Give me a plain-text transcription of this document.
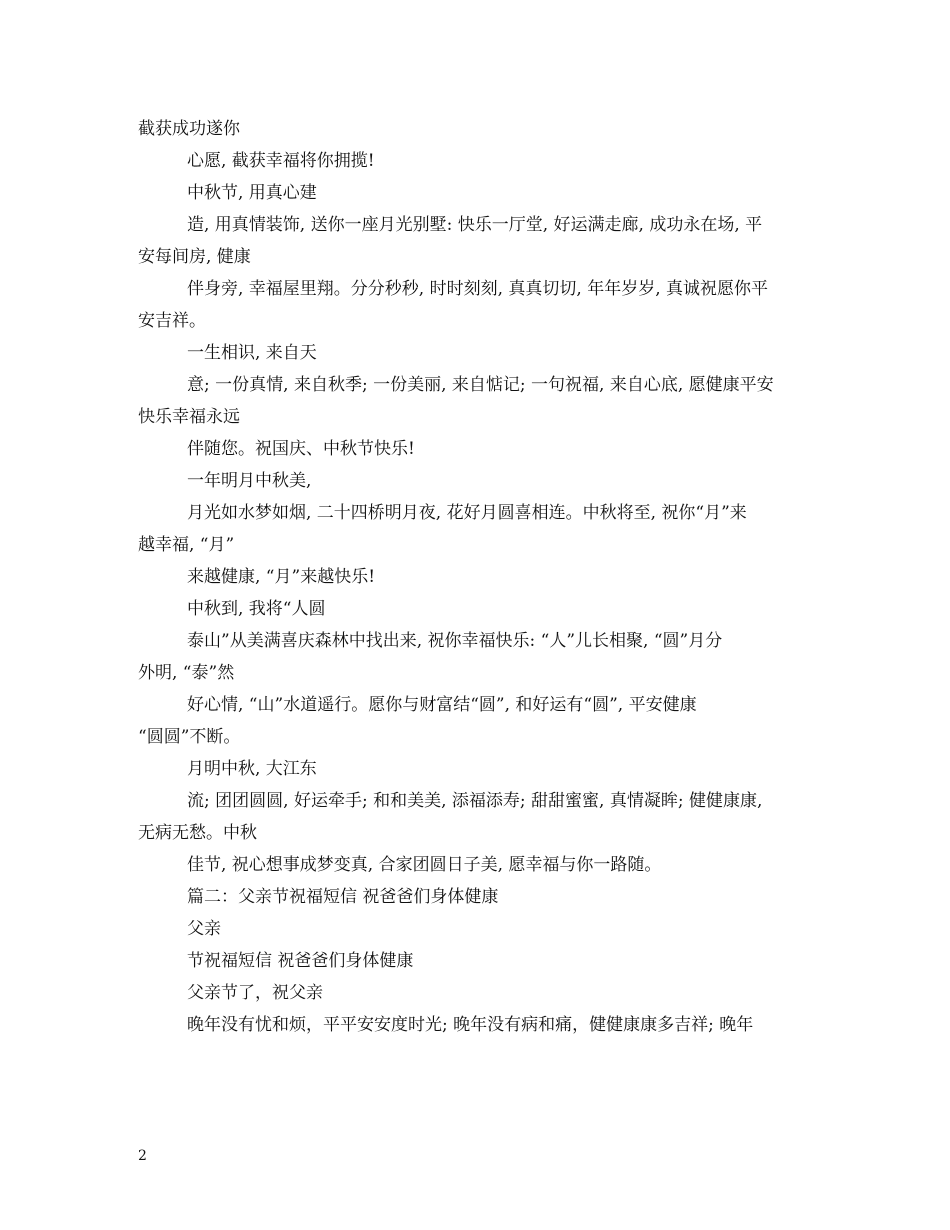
截获成功遂你
心愿, 截获幸福将你拥揽!
中秋节, 用真心建
造, 用真情装饰, 送你一座月光别墅: 快乐一厅堂, 好运满走廊, 成功永在场, 平
安每间房, 健康
伴身旁, 幸福屋里翔。分分秒秒, 时时刻刻, 真真切切, 年年岁岁, 真诚祝愿你平
安吉祥。
一生相识, 来自天
意; 一份真情, 来自秋季; 一份美丽, 来自惦记; 一句祝福, 来自心底, 愿健康平安
快乐幸福永远
伴随您。祝国庆、中秋节快乐!
一年明月中秋美,
月光如水梦如烟, 二十四桥明月夜, 花好月圆喜相连。中秋将至, 祝你“月”来
越幸福, “月”
来越健康, “月”来越快乐!
中秋到, 我将“人圆
泰山”从美满喜庆森林中找出来, 祝你幸福快乐: “人”儿长相聚, “圆”月分
外明, “泰”然
好心情, “山”水道遥行。愿你与财富结“圆”, 和好运有“圆”, 平安健康
“圆圆”不断。
月明中秋, 大江东
流; 团团圆圆, 好运牵手; 和和美美, 添福添寿; 甜甜蜜蜜, 真情凝眸; 健健康康,
无病无愁。中秋
佳节, 祝心想事成梦变真, 合家团圆日子美, 愿幸福与你一路随。
篇二：父亲节祝福短信 祝爸爸们身体健康
父亲
节祝福短信 祝爸爸们身体健康
父亲节了，祝父亲
晚年没有忧和烦，平平安安度时光; 晚年没有病和痛，健健康康多吉祥; 晚年
2
